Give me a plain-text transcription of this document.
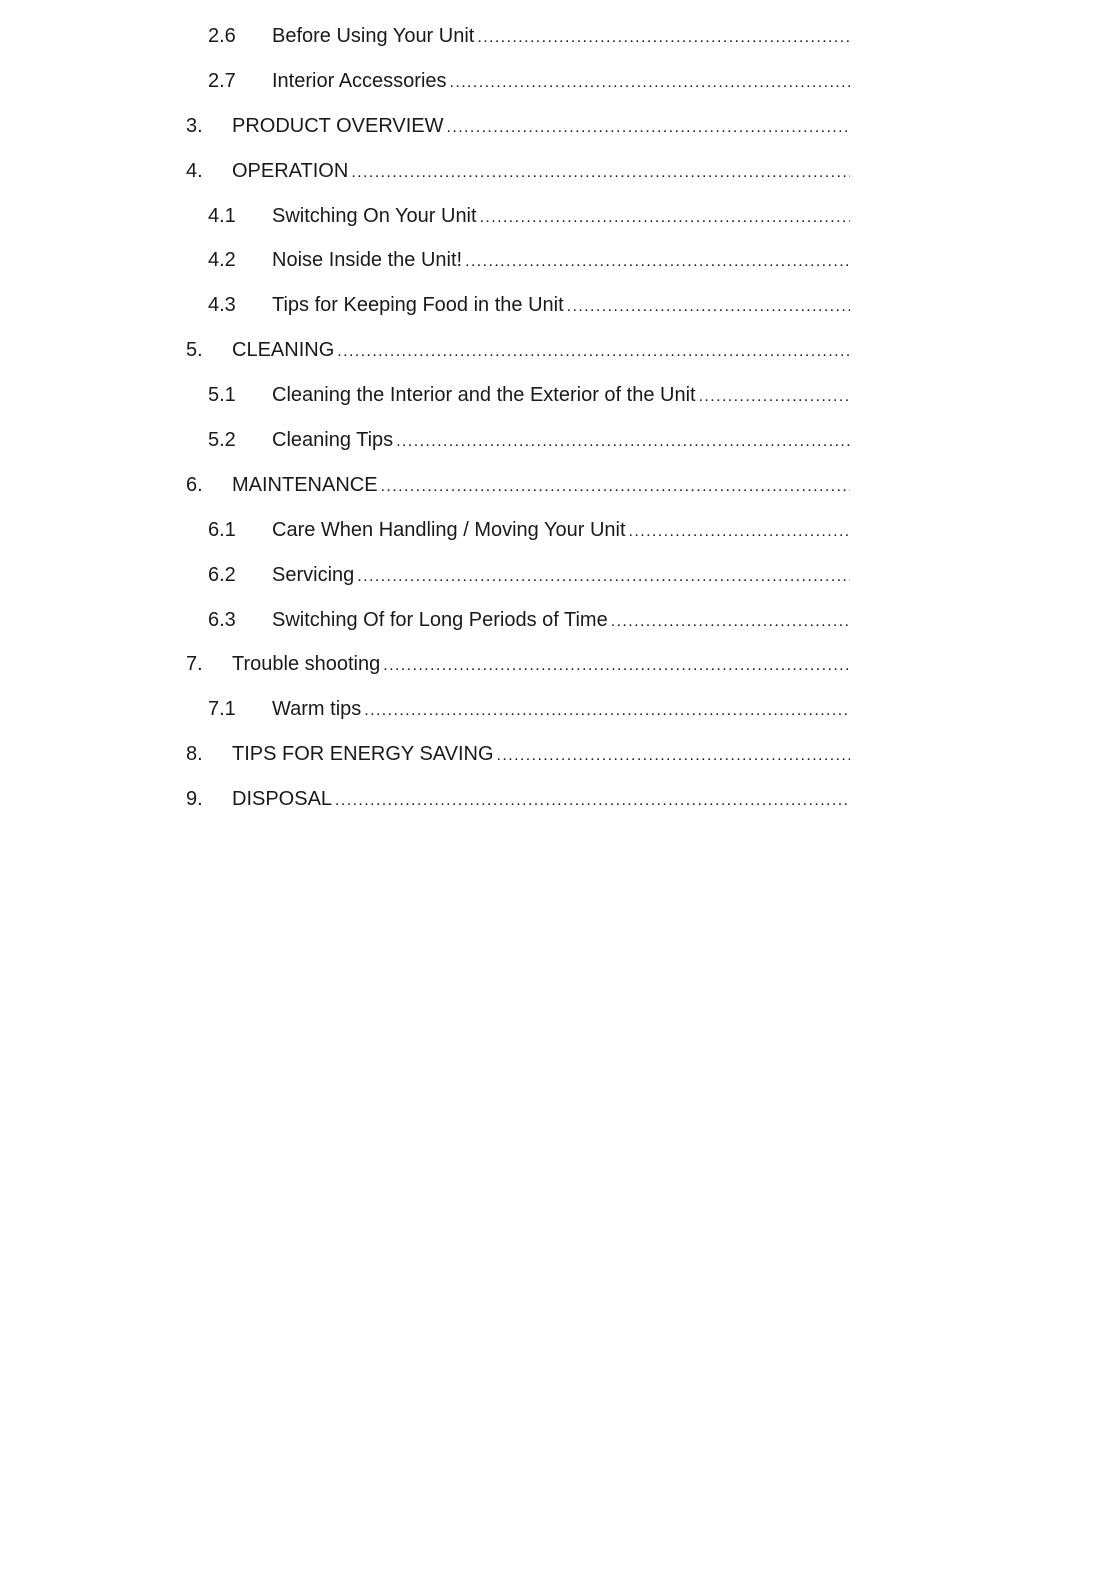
2.6	Before Using Your Unit
.....
2.7	Interior Accessories
.....
3.	PRODUCT OVERVIEW
.....
4.	OPERATION
.....
4.1	Switching On Your Unit
.....
4.2	Noise Inside the Unit!
.....
4.3	Tips for Keeping Food in the Unit
.....
5.	CLEANING
.....
5.1	Cleaning the Interior and the Exterior of the Unit
.....
5.2	Cleaning Tips
.....
6.	MAINTENANCE
.....
6.1	Care When Handling / Moving Your Unit
.....
6.2	Servicing
.....
6.3	Switching Of for Long Periods of Time
.....
7.	Trouble shooting
.....
7.1	Warm tips
.....
8.	TIPS FOR ENERGY SAVING
.....
9.	DISPOSAL
.....
